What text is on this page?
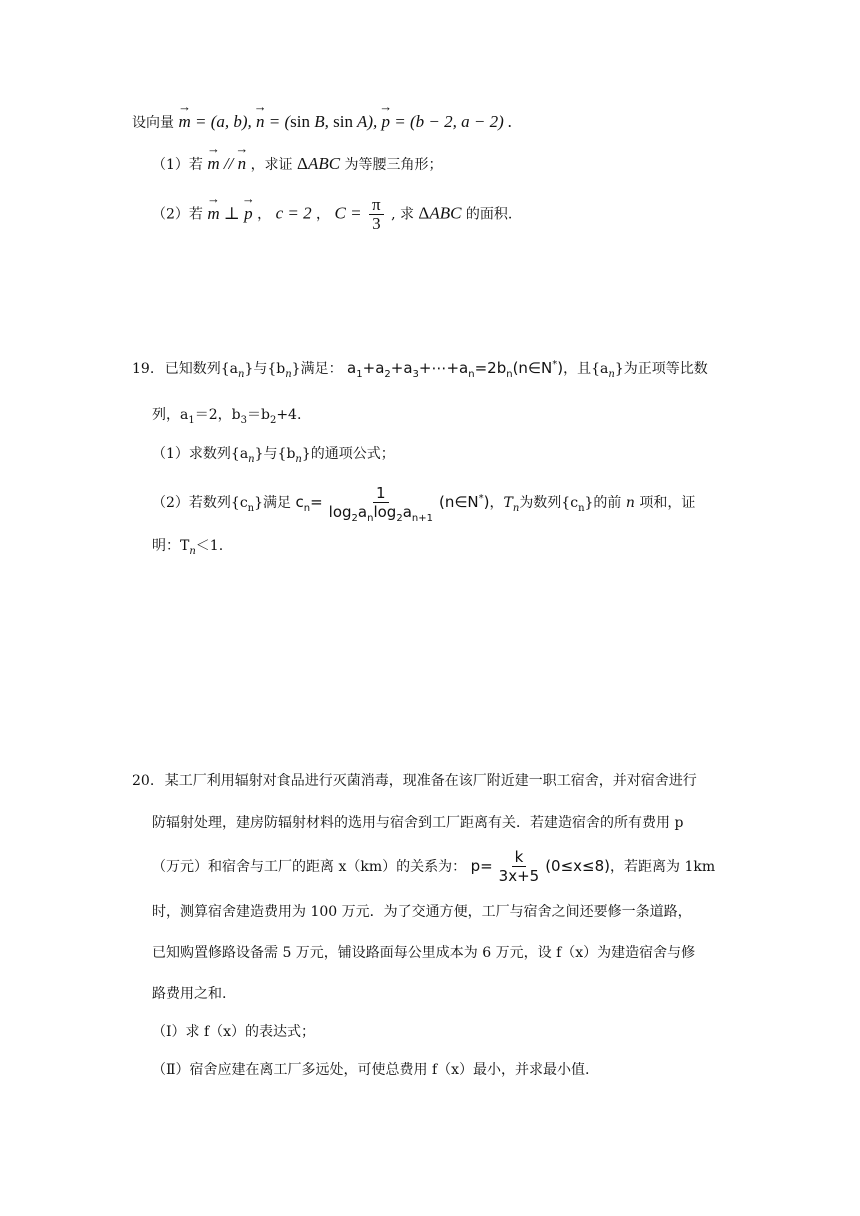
设向量 → m = (a, b), → n = (sin B, sin A), → p = (b − 2, a − 2) .
（1）若 → m // → n ，求证 ΔABC 为等腰三角形；
（2）若 → m ⊥ → p ， c = 2 ， $C = \frac{\pi}{3}$ , 求 ΔABC 的面积.
19. 已知数列$\{a_n\}$与$\{b_n\}$满足： $a_1+a_2+a_3+\cdots+a_n=2b_n(n\in N^*)$，且$\{a_n\}$为正项等比数
列，$a_1=2$，$b_3=b_2+4$.
（1）求数列$\{a_n\}$与$\{b_n\}$的通项公式；
（2）若数列$\{c_n\}$满足 $c_n= \frac{1}{\log_2a_n\log_2a_{n+1}}$ (n∈N*)，$T_n$为数列$\{c_n\}$的前 n 项和，证
明：$T_n<1$.
20. 某工厂利用辐射对食品进行灭菌消毒，现准备在该厂附近建一职工宿舍，并对宿舍进行
防辐射处理，建房防辐射材料的选用与宿舍到工厂距离有关．若建造宿舍的所有费用 p
（万元）和宿舍与工厂的距离 x（km）的关系为： $p= \frac{k}{3x+5} (0\le x\le 8)$，若距离为 1km
时，测算宿舍建造费用为 100 万元．为了交通方便，工厂与宿舍之间还要修一条道路，
已知购置修路设备需 5 万元，铺设路面每公里成本为 6 万元，设 f（x）为建造宿舍与修
路费用之和.
（Ⅰ）求 f（x）的表达式；
（Ⅱ）宿舍应建在离工厂多远处，可使总费用 f（x）最小，并求最小值.
